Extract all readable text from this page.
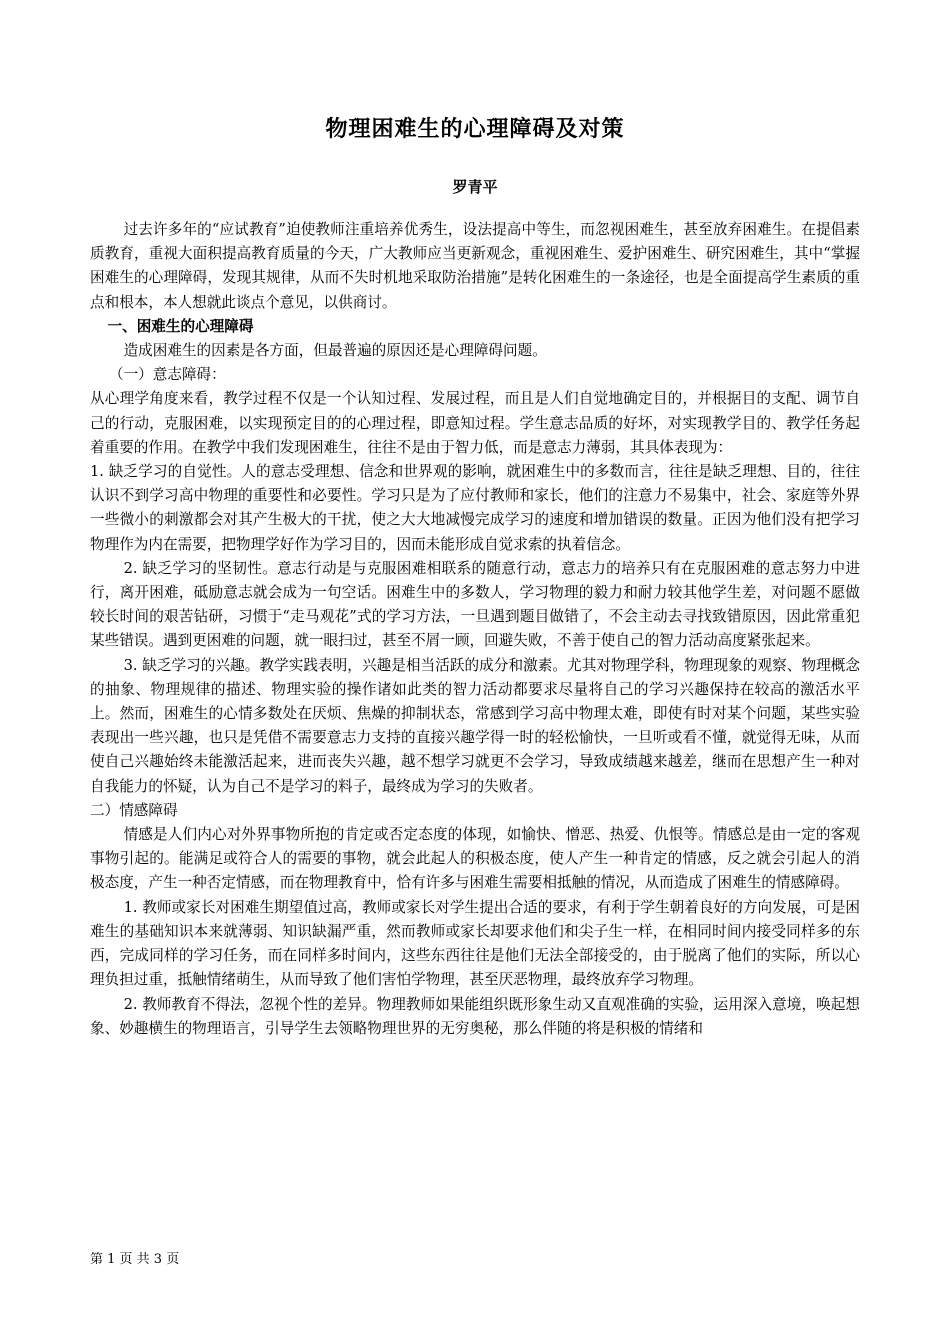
物理困难生的心理障碍及对策
罗青平

过去许多年的“应试教育”迫使教师注重培养优秀生，设法提高中等生，而忽视困难生，甚至放弃困难生。在提倡素质教育，重视大面积提高教育质量的今天，广大教师应当更新观念，重视困难生、爱护困难生、研究困难生，其中“掌握困难生的心理障碍，发现其规律，从而不失时机地采取防治措施”是转化困难生的一条途径，也是全面提高学生素质的重点和根本，本人想就此谈点个意见，以供商讨。

一、困难生的心理障碍

造成困难生的因素是各方面，但最普遍的原因还是心理障碍问题。

（一）意志障碍：

从心理学角度来看，教学过程不仅是一个认知过程、发展过程，而且是人们自觉地确定目的，并根据目的支配、调节自己的行动，克服困难，以实现预定目的的心理过程，即意知过程。学生意志品质的好坏，对实现教学目的、教学任务起着重要的作用。在教学中我们发现困难生，往往不是由于智力低，而是意志力薄弱，其具体表现为：

1. 缺乏学习的自觉性。人的意志受理想、信念和世界观的影响，就困难生中的多数而言，往往是缺乏理想、目的，往往认识不到学习高中物理的重要性和必要性。学习只是为了应付教师和家长，他们的注意力不易集中，社会、家庭等外界一些微小的刺激都会对其产生极大的干扰，使之大大地减慢完成学习的速度和增加错误的数量。正因为他们没有把学习物理作为内在需要，把物理学好作为学习目的，因而未能形成自觉求索的执着信念。

2. 缺乏学习的坚韧性。意志行动是与克服困难相联系的随意行动，意志力的培养只有在克服困难的意志努力中进行，离开困难，砥励意志就会成为一句空话。困难生中的多数人，学习物理的毅力和耐力较其他学生差，对问题不愿做较长时间的艰苦钻研，习惯于“走马观花”式的学习方法，一旦遇到题目做错了，不会主动去寻找致错原因，因此常重犯某些错误。遇到更困难的问题，就一眼扫过，甚至不屑一顾，回避失败，不善于使自己的智力活动高度紧张起来。

3. 缺乏学习的兴趣。教学实践表明，兴趣是相当活跃的成分和激素。尤其对物理学科，物理现象的观察、物理概念的抽象、物理规律的描述、物理实验的操作诸如此类的智力活动都要求尽量将自己的学习兴趣保持在较高的激活水平上。然而，困难生的心情多数处在厌烦、焦燥的抑制状态，常感到学习高中物理太难，即使有时对某个问题，某些实验表现出一些兴趣，也只是凭借不需要意志力支持的直接兴趣学得一时的轻松愉快，一旦听或看不懂，就觉得无味，从而使自己兴趣始终未能激活起来，进而丧失兴趣，越不想学习就更不会学习，导致成绩越来越差，继而在思想产生一种对自我能力的怀疑，认为自己不是学习的料子，最终成为学习的失败者。

二）情感障碍

情感是人们内心对外界事物所抱的肯定或否定态度的体现，如愉快、憎恶、热爱、仇恨等。情感总是由一定的客观事物引起的。能满足或符合人的需要的事物，就会此起人的积极态度，使人产生一种肯定的情感，反之就会引起人的消极态度，产生一种否定情感，而在物理教育中，恰有许多与困难生需要相抵触的情况，从而造成了困难生的情感障碍。

1. 教师或家长对困难生期望值过高，教师或家长对学生提出合适的要求，有利于学生朝着良好的方向发展，可是困难生的基础知识本来就薄弱、知识缺漏严重，然而教师或家长却要求他们和尖子生一样，在相同时间内接受同样多的东西，完成同样的学习任务，而在同样多时间内，这些东西往往是他们无法全部接受的，由于脱离了他们的实际，所以心理负担过重，抵触情绪萌生，从而导致了他们害怕学物理，甚至厌恶物理，最终放弃学习物理。

2. 教师教育不得法，忽视个性的差异。物理教师如果能组织既形象生动又直观准确的实验，运用深入意境，唤起想象、妙趣横生的物理语言，引导学生去领略物理世界的无穷奥秘，那么伴随的将是积极的情绪和

第 1 页 共 3 页
